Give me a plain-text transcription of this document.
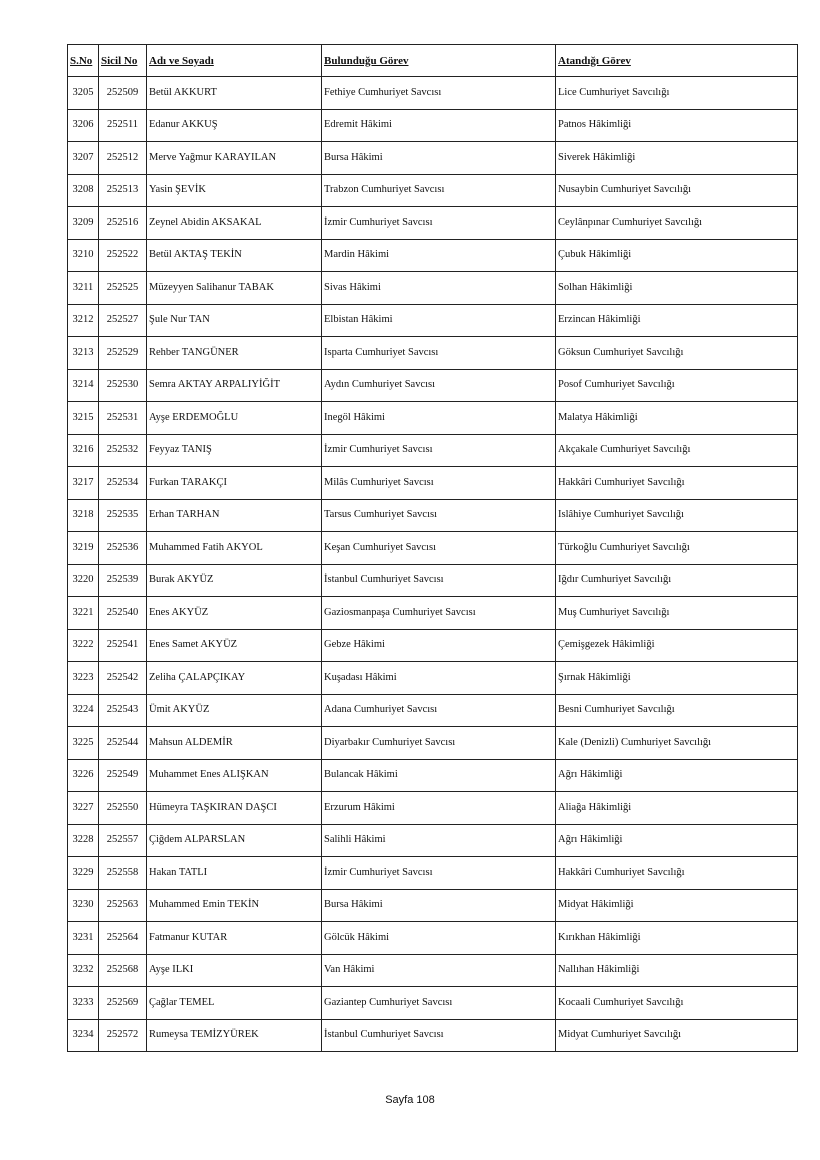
S.No	Sicil No	Adı ve Soyadı	Bulunduğu Görev	Atandığı Görev
3205	252509	Betül AKKURT	Fethiye Cumhuriyet Savcısı	Lice Cumhuriyet Savcılığı
3206	252511	Edanur AKKUŞ	Edremit Hâkimi	Patnos Hâkimliği
3207	252512	Merve Yağmur KARAYILAN	Bursa Hâkimi	Siverek Hâkimliği
3208	252513	Yasin ŞEVİK	Trabzon Cumhuriyet Savcısı	Nusaybin Cumhuriyet Savcılığı
3209	252516	Zeynel Abidin AKSAKAL	İzmir Cumhuriyet Savcısı	Ceylânpınar Cumhuriyet Savcılığı
3210	252522	Betül AKTAŞ TEKİN	Mardin Hâkimi	Çubuk Hâkimliği
3211	252525	Müzeyyen Salihanur TABAK	Sivas Hâkimi	Solhan Hâkimliği
3212	252527	Şule Nur TAN	Elbistan Hâkimi	Erzincan Hâkimliği
3213	252529	Rehber TANGÜNER	Isparta Cumhuriyet Savcısı	Göksun Cumhuriyet Savcılığı
3214	252530	Semra AKTAY ARPALIYİĞİT	Aydın Cumhuriyet Savcısı	Posof Cumhuriyet Savcılığı
3215	252531	Ayşe ERDEMOĞLU	Inegöl Hâkimi	Malatya Hâkimliği
3216	252532	Feyyaz TANIŞ	İzmir Cumhuriyet Savcısı	Akçakale Cumhuriyet Savcılığı
3217	252534	Furkan TARAKÇI	Milâs Cumhuriyet Savcısı	Hakkâri Cumhuriyet Savcılığı
3218	252535	Erhan TARHAN	Tarsus Cumhuriyet Savcısı	Islâhiye Cumhuriyet Savcılığı
3219	252536	Muhammed Fatih AKYOL	Keşan Cumhuriyet Savcısı	Türkoğlu Cumhuriyet Savcılığı
3220	252539	Burak AKYÜZ	İstanbul Cumhuriyet Savcısı	Iğdır Cumhuriyet Savcılığı
3221	252540	Enes AKYÜZ	Gaziosmanpaşa Cumhuriyet Savcısı	Muş Cumhuriyet Savcılığı
3222	252541	Enes Samet AKYÜZ	Gebze Hâkimi	Çemişgezek Hâkimliği
3223	252542	Zeliha ÇALAPÇIKAY	Kuşadası Hâkimi	Şırnak Hâkimliği
3224	252543	Ümit AKYÜZ	Adana Cumhuriyet Savcısı	Besni Cumhuriyet Savcılığı
3225	252544	Mahsun ALDEMİR	Diyarbakır Cumhuriyet Savcısı	Kale (Denizli) Cumhuriyet Savcılığı
3226	252549	Muhammet Enes ALIŞKAN	Bulancak Hâkimi	Ağrı Hâkimliği
3227	252550	Hümeyra TAŞKIRAN DAŞCI	Erzurum Hâkimi	Aliağa Hâkimliği
3228	252557	Çiğdem ALPARSLAN	Salihli Hâkimi	Ağrı Hâkimliği
3229	252558	Hakan TATLI	İzmir Cumhuriyet Savcısı	Hakkâri Cumhuriyet Savcılığı
3230	252563	Muhammed Emin TEKİN	Bursa Hâkimi	Midyat Hâkimliği
3231	252564	Fatmanur KUTAR	Gölcük Hâkimi	Kırıkhan Hâkimliği
3232	252568	Ayşe ILKI	Van Hâkimi	Nallıhan Hâkimliği
3233	252569	Çağlar TEMEL	Gaziantep Cumhuriyet Savcısı	Kocaali Cumhuriyet Savcılığı
3234	252572	Rumeysa TEMİZYÜREK	İstanbul Cumhuriyet Savcısı	Midyat Cumhuriyet Savcılığı
Sayfa 108
